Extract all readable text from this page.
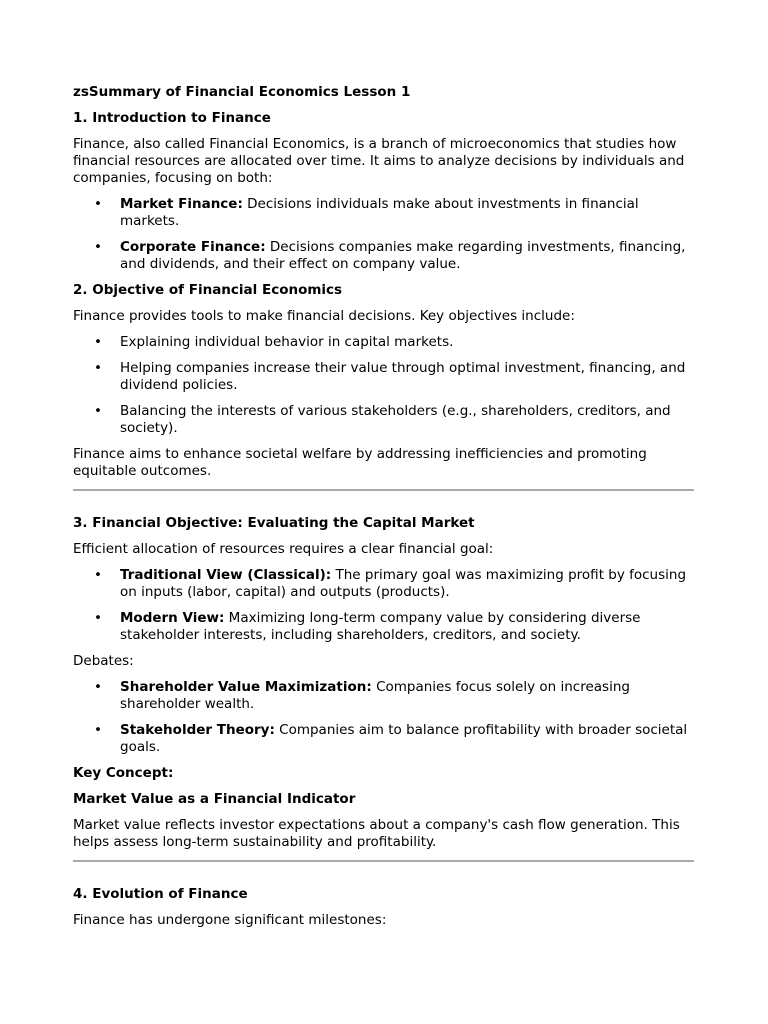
zsSummary of Financial Economics Lesson 1
1. Introduction to Finance
Finance, also called Financial Economics, is a branch of microeconomics that studies how financial resources are allocated over time. It aims to analyze decisions by individuals and companies, focusing on both:
• Market Finance: Decisions individuals make about investments in financial markets.
• Corporate Finance: Decisions companies make regarding investments, financing, and dividends, and their effect on company value.
2. Objective of Financial Economics
Finance provides tools to make financial decisions. Key objectives include:
• Explaining individual behavior in capital markets.
• Helping companies increase their value through optimal investment, financing, and dividend policies.
• Balancing the interests of various stakeholders (e.g., shareholders, creditors, and society).
Finance aims to enhance societal welfare by addressing inefficiencies and promoting equitable outcomes.
3. Financial Objective: Evaluating the Capital Market
Efficient allocation of resources requires a clear financial goal:
• Traditional View (Classical): The primary goal was maximizing profit by focusing on inputs (labor, capital) and outputs (products).
• Modern View: Maximizing long-term company value by considering diverse stakeholder interests, including shareholders, creditors, and society.
Debates:
• Shareholder Value Maximization: Companies focus solely on increasing shareholder wealth.
• Stakeholder Theory: Companies aim to balance profitability with broader societal goals.
Key Concept:
Market Value as a Financial Indicator
Market value reflects investor expectations about a company's cash flow generation. This helps assess long-term sustainability and profitability.
4. Evolution of Finance
Finance has undergone significant milestones:
